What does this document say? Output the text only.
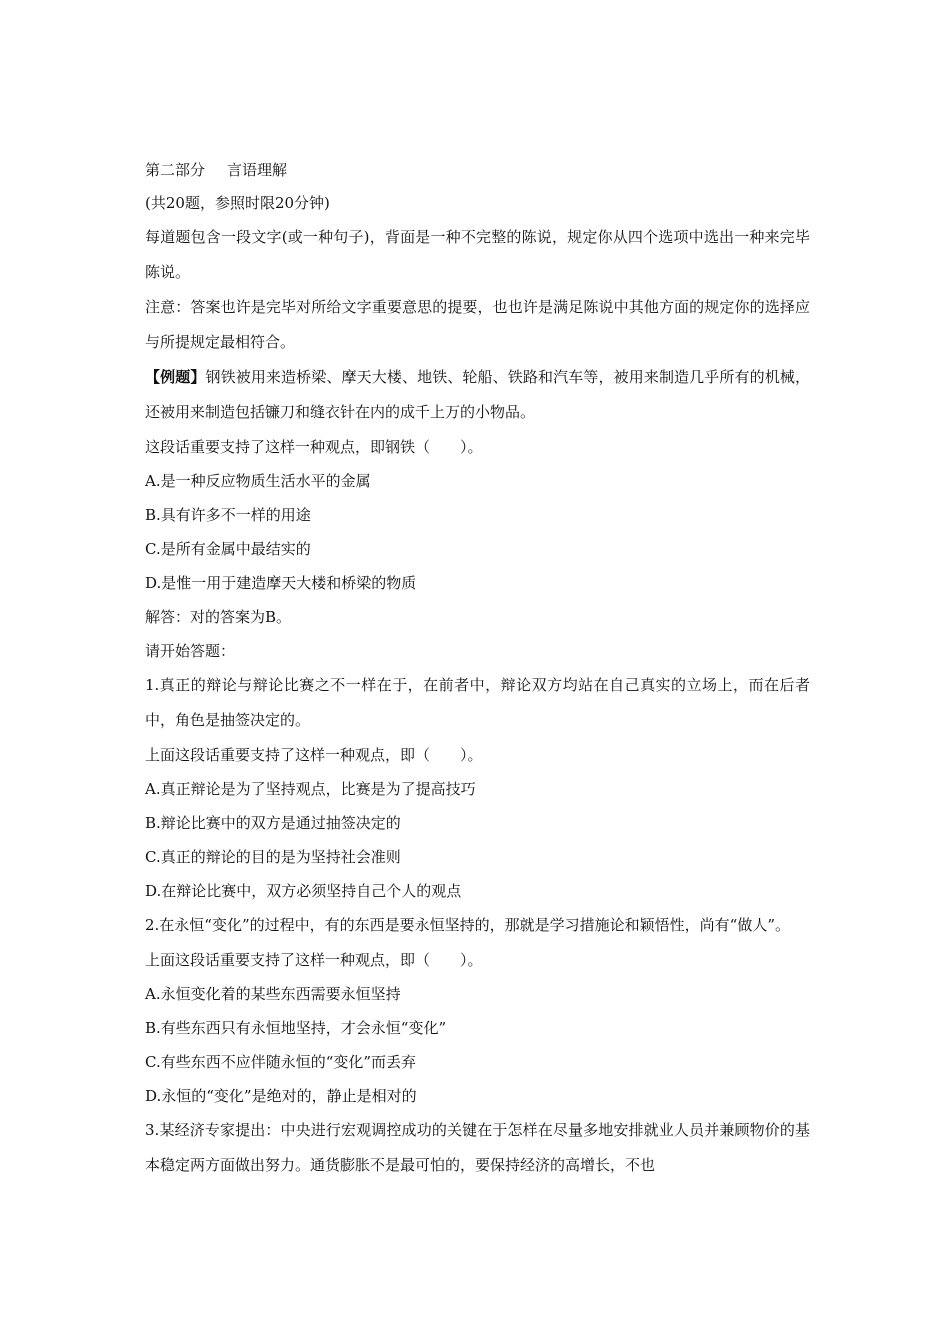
第二部分 言语理解
(共20题，参照时限20分钟)
每道题包含一段文字(或一种句子)，背面是一种不完整的陈说，规定你从四个选项中选出一种来完毕陈说。
注意：答案也许是完毕对所给文字重要意思的提要，也也许是满足陈说中其他方面的规定你的选择应与所提规定最相符合。
【例题】钢铁被用来造桥梁、摩天大楼、地铁、轮船、铁路和汽车等，被用来制造几乎所有的机械，还被用来制造包括镰刀和缝衣针在内的成千上万的小物品。
这段话重要支持了这样一种观点，即钢铁（　　）。
A.是一种反应物质生活水平的金属
B.具有许多不一样的用途
C.是所有金属中最结实的
D.是惟一用于建造摩天大楼和桥梁的物质
解答：对的答案为B。
请开始答题：
1.真正的辩论与辩论比赛之不一样在于，在前者中，辩论双方均站在自己真实的立场上，而在后者中，角色是抽签决定的。
上面这段话重要支持了这样一种观点，即（　　）。
A.真正辩论是为了坚持观点，比赛是为了提高技巧
B.辩论比赛中的双方是通过抽签决定的
C.真正的辩论的目的是为坚持社会准则
D.在辩论比赛中，双方必须坚持自己个人的观点
2.在永恒“变化”的过程中，有的东西是要永恒坚持的，那就是学习措施论和颖悟性，尚有“做人”。
上面这段话重要支持了这样一种观点，即（　　）。
A.永恒变化着的某些东西需要永恒坚持
B.有些东西只有永恒地坚持，才会永恒“变化”
C.有些东西不应伴随永恒的“变化”而丢弃
D.永恒的“变化”是绝对的，静止是相对的
3.某经济专家提出：中央进行宏观调控成功的关键在于怎样在尽量多地安排就业人员并兼顾物价的基本稳定两方面做出努力。通货膨胀不是最可怕的，要保持经济的高增长，不也
